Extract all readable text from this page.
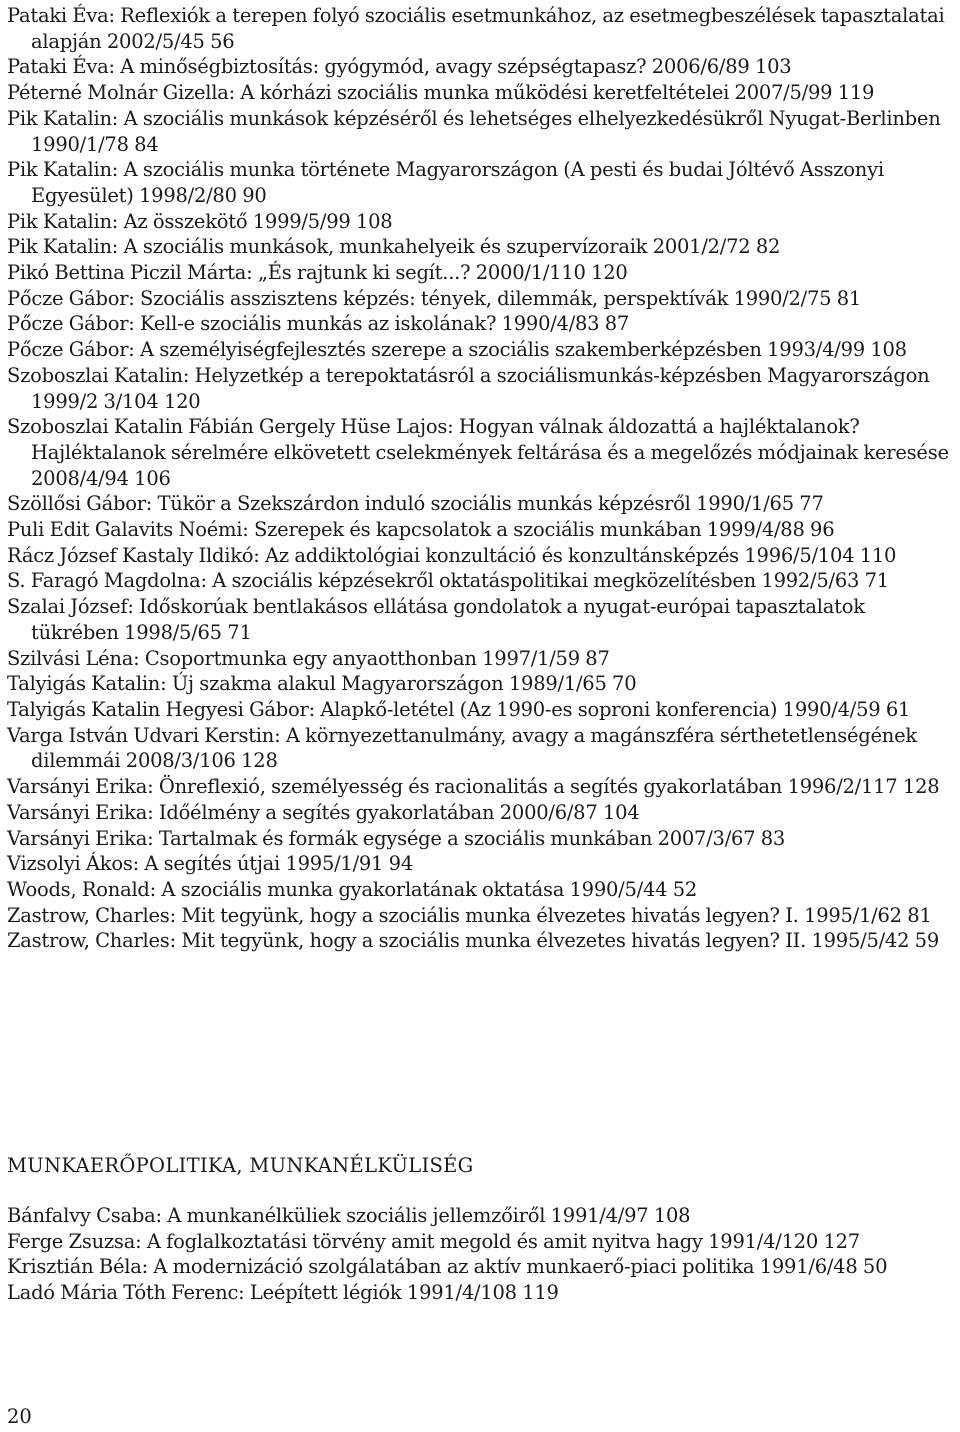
Pataki Éva: Reflexiók a terepen folyó szociális esetmunkához, az esetmegbeszélések tapasztalatai alapján 2002/5/45 56

Pataki Éva: A minőségbiztosítás: gyógymód, avagy szépségtapasz? 2006/6/89 103

Péterné Molnár Gizella: A kórházi szociális munka működési keretfeltételei 2007/5/99 119

Pik Katalin: A szociális munkások képzéséről és lehetséges elhelyezkedésükről Nyugat-Berlinben 1990/1/78 84

Pik Katalin: A szociális munka története Magyarországon (A pesti és budai Jóltévő Asszonyi Egyesület) 1998/2/80 90

Pik Katalin: Az összekötő 1999/5/99 108

Pik Katalin: A szociális munkások, munkahelyeik és szupervízoraik 2001/2/72 82

Pikó Bettina Piczil Márta: „És rajtunk ki segít...? 2000/1/110 120

Pőcze Gábor: Szociális asszisztens képzés: tények, dilemmák, perspektívák 1990/2/75 81

Pőcze Gábor: Kell-e szociális munkás az iskolának? 1990/4/83 87

Pőcze Gábor: A személyiségfejlesztés szerepe a szociális szakemberképzésben 1993/4/99 108

Szoboszlai Katalin: Helyzetkép a terepoktatásról a szociálismunkás-képzésben Magyarországon 1999/2 3/104 120

Szoboszlai Katalin Fábián Gergely Hüse Lajos: Hogyan válnak áldozattá a hajléktalanok? Hajléktalanok sérelmére elkövetett cselekmények feltárása és a megelőzés módjainak keresése 2008/4/94 106

Szöllősi Gábor: Tükör a Szekszárdon induló szociális munkás képzésről 1990/1/65 77

Puli Edit Galavits Noémi: Szerepek és kapcsolatok a szociális munkában 1999/4/88 96

Rácz József Kastaly Ildikó: Az addiktológiai konzultáció és konzultánsképzés 1996/5/104 110

S. Faragó Magdolna: A szociális képzésekről oktatáspolitikai megközelítésben 1992/5/63 71

Szalai József: Időskorúak bentlakásos ellátása gondolatok a nyugat-európai tapasztalatok tükrében 1998/5/65 71

Szilvási Léna: Csoportmunka egy anyaotthonban 1997/1/59 87

Talyigás Katalin: Új szakma alakul Magyarországon 1989/1/65 70

Talyigás Katalin Hegyesi Gábor: Alapkő-letétel (Az 1990-es soproni konferencia) 1990/4/59 61

Varga István Udvari Kerstin: A környezettanulmány, avagy a magánszféra sérthetetlenségének dilemmái 2008/3/106 128

Varsányi Erika: Önreflexió, személyesség és racionalitás a segítés gyakorlatában 1996/2/117 128

Varsányi Erika: Időélmény a segítés gyakorlatában 2000/6/87 104

Varsányi Erika: Tartalmak és formák egysége a szociális munkában 2007/3/67 83

Vizsolyi Ákos: A segítés útjai 1995/1/91 94

Woods, Ronald: A szociális munka gyakorlatának oktatása 1990/5/44 52

Zastrow, Charles: Mit tegyünk, hogy a szociális munka élvezetes hivatás legyen? I. 1995/1/62 81

Zastrow, Charles: Mit tegyünk, hogy a szociális munka élvezetes hivatás legyen? II. 1995/5/42 59

MUNKAERŐPOLITIKA, MUNKANÉLKÜLISÉG

Bánfalvy Csaba: A munkanélküliek szociális jellemzőiről 1991/4/97 108

Ferge Zsuzsa: A foglalkoztatási törvény amit megold és amit nyitva hagy 1991/4/120 127

Krisztián Béla: A modernizáció szolgálatában az aktív munkaerő-piaci politika 1991/6/48 50

Ladó Mária Tóth Ferenc: Leépített légiók 1991/4/108 119

20
